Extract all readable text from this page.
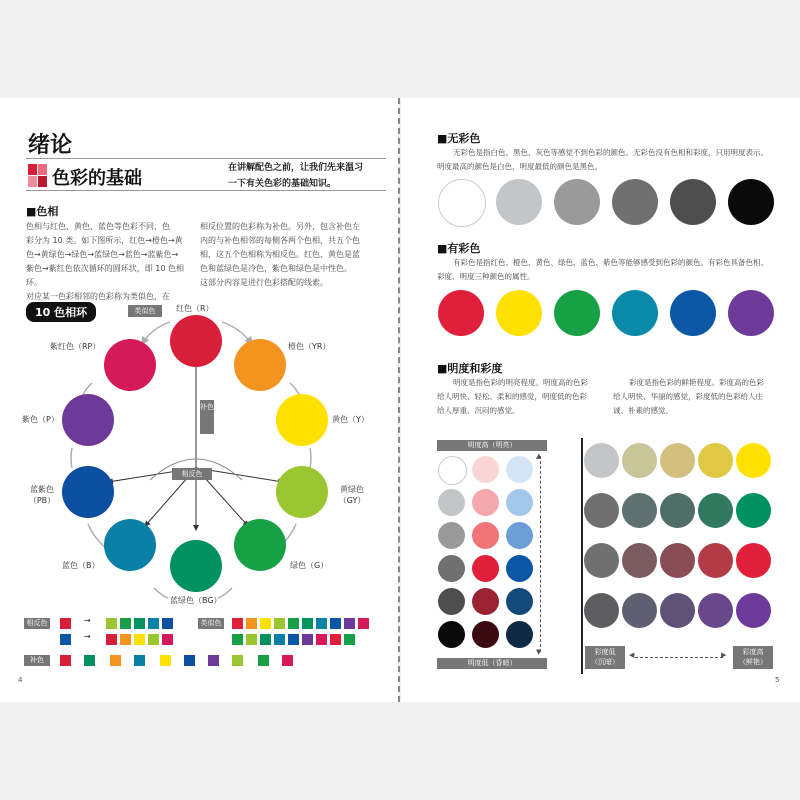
绪论
色彩的基础	在讲解配色之前，让我们先来温习
一下有关色彩的基础知识。
■色相
色相与红色、黄色、蓝色等色彩不同，色
彩分为 10 类。如下图所示，红色→橙色→黄
色→黄绿色→绿色→蓝绿色→蓝色→蓝紫色→
紫色→紫红色依次循环的圆环状，即 10 色相环。
对应某一色彩相邻的色彩称为类似色，在
相反位置的色彩称为补色。另外，包含补色左
内的与补色相邻的每侧各两个色相，共五个色
相，这五个色相称为相反色。红色、黄色是蓝
色和蓝绿色是冷色，紫色和绿色是中性色。
这部分内容是进行色彩搭配的线索。
10 色相环	类似色
补色
相反色
红色（R）
橙色（YR）
黄色（Y）
黄绿色（GY）
绿色（G）
蓝绿色（BG）
蓝色（B）
蓝紫色（PB）
紫色（P）
紫红色（RP）
相反色	→
→
类似色
补色
4
■无彩色
无彩色是指白色、黑色、灰色等感觉不到色彩的颜色。无彩色没有色相和彩度，只用明度表示。
明度最高的颜色是白色，明度最低的颜色是黑色。
■有彩色
有彩色是指红色、橙色、黄色、绿色、蓝色、紫色等能够感受到色彩的颜色。有彩色具备色相、
彩度、明度三种颜色的属性。
■明度和彩度
明度是指色彩的明亮程度。明度高的色彩
给人明快、轻松、柔和的感觉，明度低的色彩
给人厚重、沉闷的感觉。
彩度是指色彩的鲜艳程度。彩度高的色彩
给人明快、华丽的感觉，彩度低的色彩给人庄
诚、朴素的感觉。
明度高（明亮）
明度低（昏暗）
▲
▼	彩度低
（沉暗）
彩度高
（鲜艳）
◀	▶
5
